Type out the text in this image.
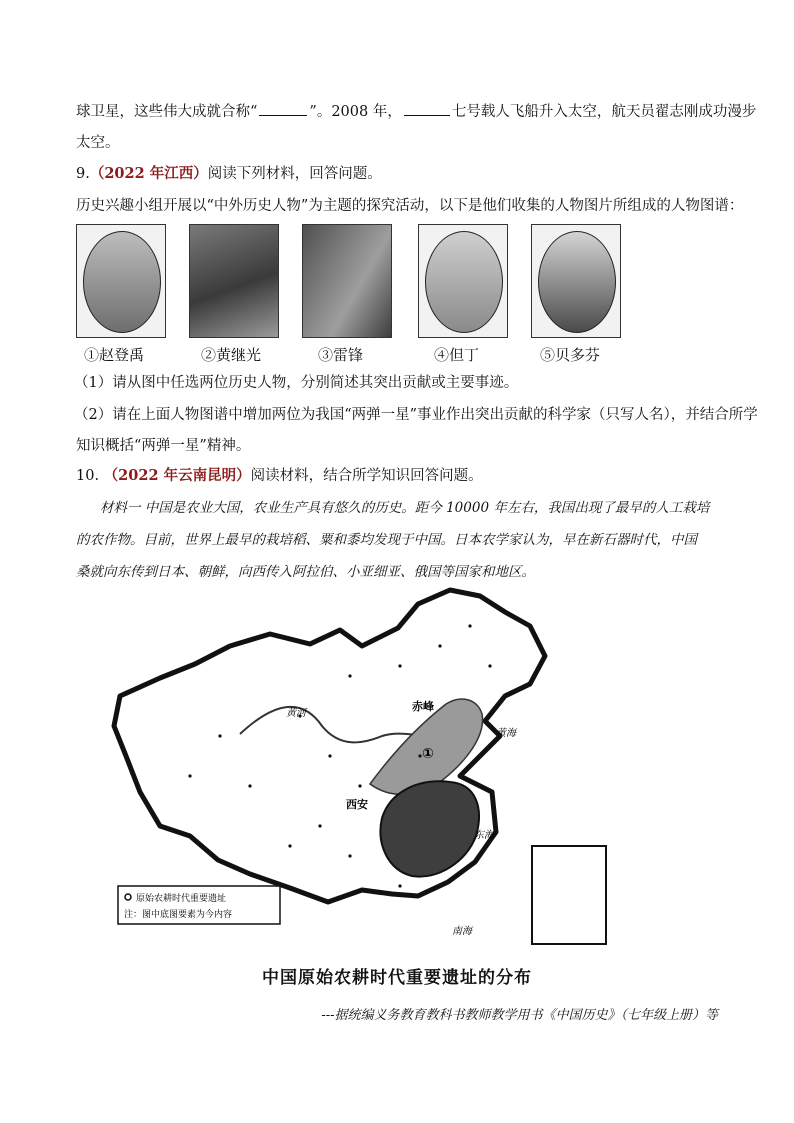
球卫星，这些伟大成就合称“	”。2008 年，	七号载人飞船升入太空，航天员翟志刚成功漫步
太空。
9.（2022 年江西）阅读下列材料，回答问题。
历史兴趣小组开展以“中外历史人物”为主题的探究活动，以下是他们收集的人物图片所组成的人物图谱：
①赵登禹	②黄继光	③雷锋	④但丁	⑤贝多芬
（1）请从图中任选两位历史人物，分别简述其突出贡献或主要事迹。
（2）请在上面人物图谱中增加两位为我国“两弹一星”事业作出突出贡献的科学家（只写人名），并结合所学
知识概括“两弹一星”精神。
10. （2022 年云南昆明）阅读材料，结合所学知识回答问题。
材料一 中国是农业大国，农业生产具有悠久的历史。距今 10000 年左右，我国出现了最早的人工栽培
的农作物。目前，世界上最早的栽培稻、粟和黍均发现于中国。日本农学家认为，早在新石器时代，中国
桑就向东传到日本、朝鲜，向西传入阿拉伯、小亚细亚、俄国等国家和地区。
原始农耕时代重要遗址
注：图中底图要素为今内容
赤峰
黄河
黄海
西安
东海
南海
①
中国原始农耕时代重要遗址的分布
---据统编义务教育教科书教师教学用书《中国历史》（七年级上册）等
